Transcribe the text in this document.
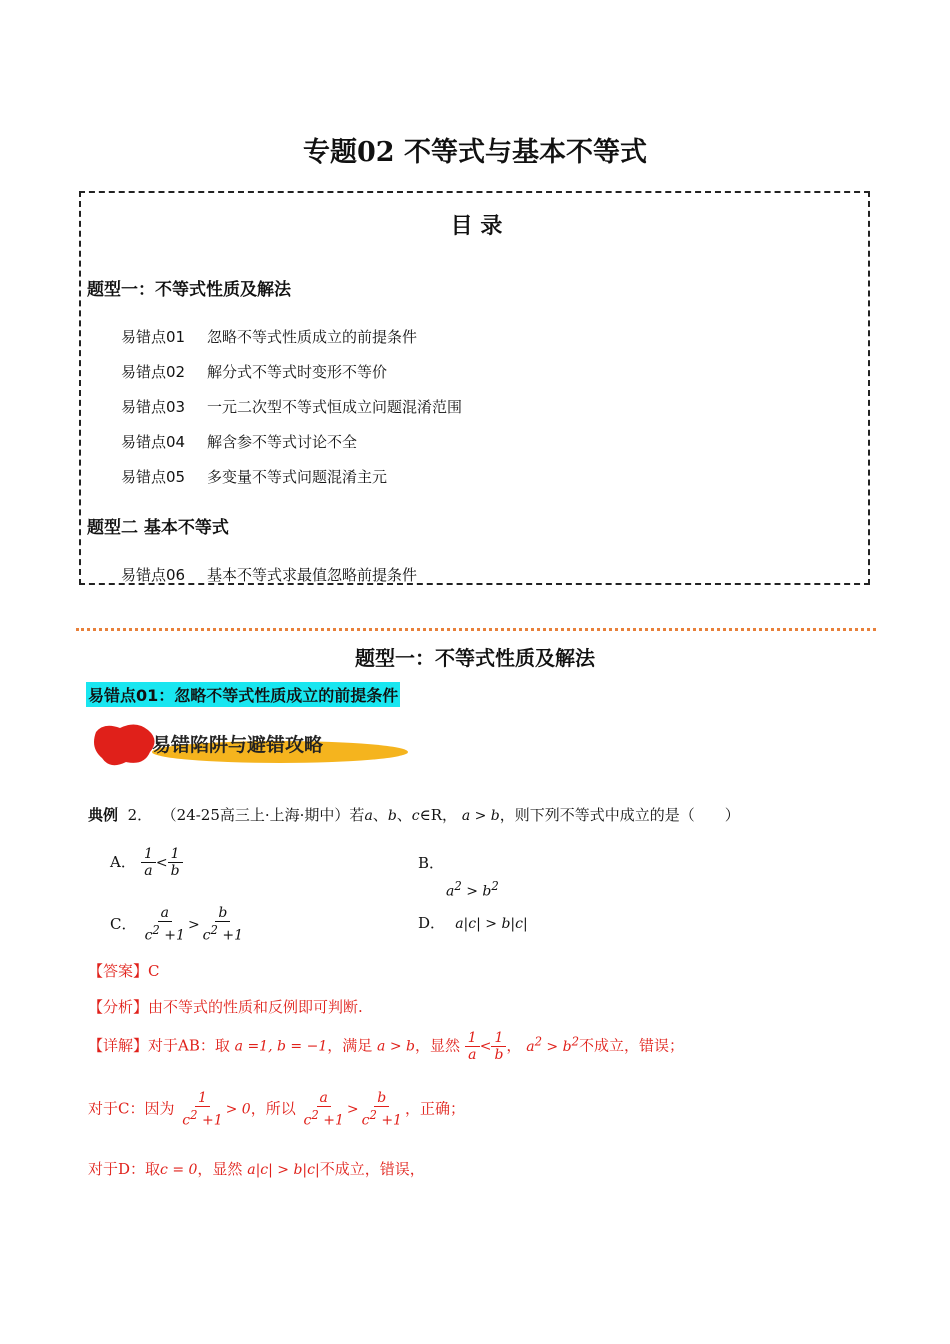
专题02 不等式与基本不等式
目 录
题型一：不等式性质及解法
易错点01 忽略不等式性质成立的前提条件
易错点02 解分式不等式时变形不等价
易错点03 一元二次型不等式恒成立问题混淆范围
易错点04 解含参不等式讨论不全
易错点05 多变量不等式问题混淆主元
题型二 基本不等式
易错点06 基本不等式求最值忽略前提条件
题型一：不等式性质及解法
易错点01：忽略不等式性质成立的前提条件
易错陷阱与避错攻略
典例 2． （24-25高三上·上海·期中）若a、b、c∈R， a > b，则下列不等式中成立的是（　　）
A． $\frac{1}{a} < \frac{1}{b}$	B．
$a^2 > b^2$
C． $\frac{a}{c^2 +1} > \frac{b}{c^2 +1}$	D． a|c| > b|c|
【答案】C
【分析】由不等式的性质和反例即可判断.
【详解】对于AB：取 a =1, b = −1，满足 a > b，显然 $\frac{1}{a} < \frac{1}{b}$ ， $a^2 > b^2$不成立，错误；
对于C：因为 $\frac{1}{c^2 +1} > 0$，所以 $\frac{a}{c^2 +1} > \frac{b}{c^2 +1}$ ，正确；
对于D：取c = 0，显然 a|c| > b|c|不成立，错误，
